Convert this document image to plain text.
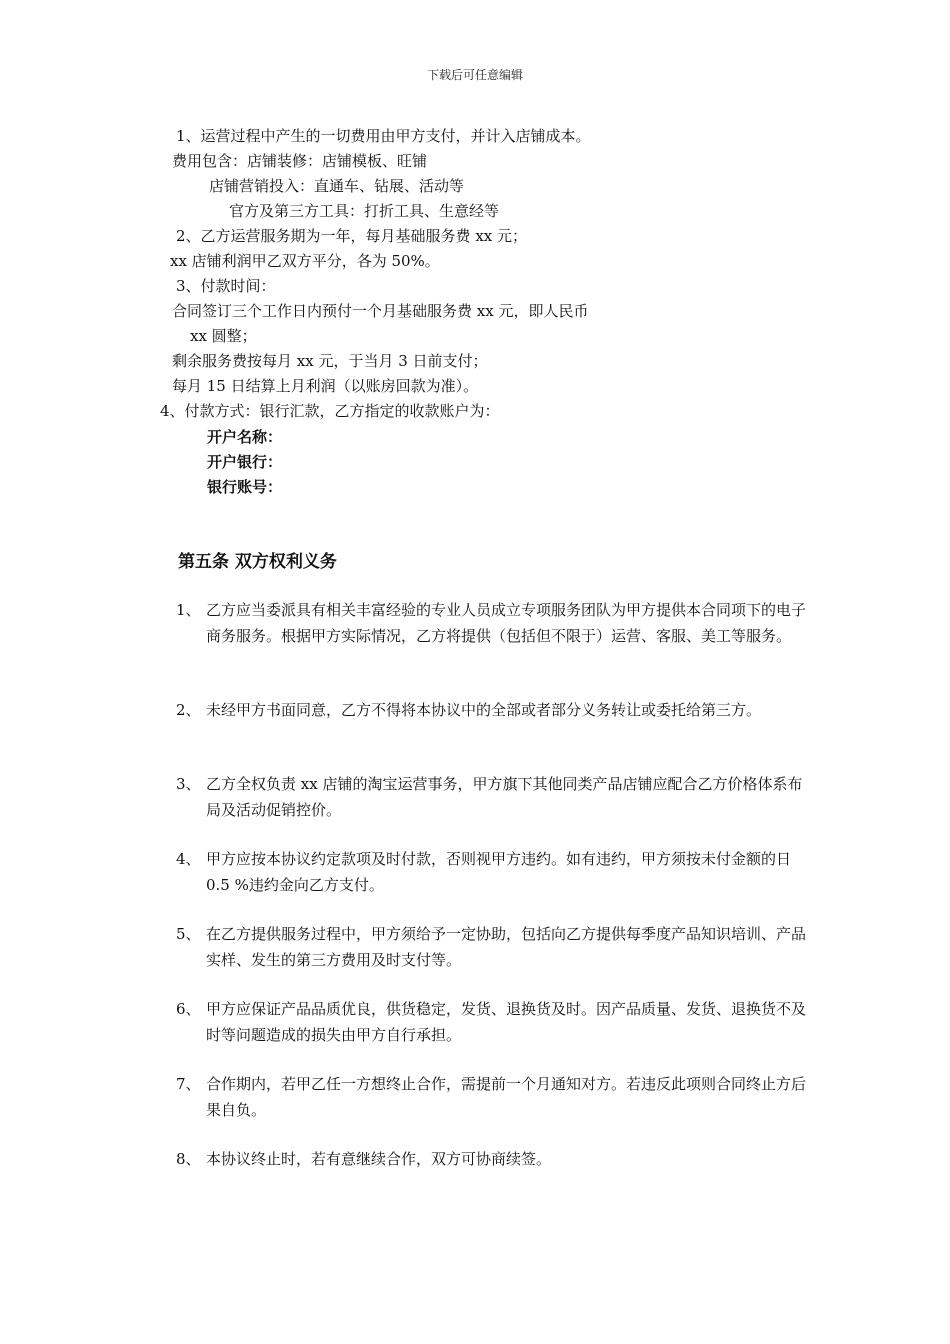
下载后可任意编辑
1、运营过程中产生的一切费用由甲方支付，并计入店铺成本。
费用包含：店铺装修：店铺模板、旺铺
店铺营销投入：直通车、钻展、活动等
官方及第三方工具：打折工具、生意经等
2、乙方运营服务期为一年，每月基础服务费 xx 元；
xx 店铺利润甲乙双方平分，各为 50%。
3、付款时间：
合同签订三个工作日内预付一个月基础服务费 xx 元，即人民币
xx 圆整；
剩余服务费按每月 xx 元，于当月 3 日前支付；
每月 15 日结算上月利润（以账房回款为准）。
4、付款方式：银行汇款，乙方指定的收款账户为：
开户名称：
开户银行：
银行账号：
第五条 双方权利义务
1、 乙方应当委派具有相关丰富经验的专业人员成立专项服务团队为甲方提供本合同项下的电子商务服务。根据甲方实际情况，乙方将提供（包括但不限于）运营、客服、美工等服务。
2、 未经甲方书面同意，乙方不得将本协议中的全部或者部分义务转让或委托给第三方。
3、 乙方全权负责 xx 店铺的淘宝运营事务，甲方旗下其他同类产品店铺应配合乙方价格体系布局及活动促销控价。
4、 甲方应按本协议约定款项及时付款，否则视甲方违约。如有违约，甲方须按未付金额的日 0.5 %违约金向乙方支付。
5、 在乙方提供服务过程中，甲方须给予一定协助，包括向乙方提供每季度产品知识培训、产品实样、发生的第三方费用及时支付等。
6、 甲方应保证产品品质优良，供货稳定，发货、退换货及时。因产品质量、发货、退换货不及时等问题造成的损失由甲方自行承担。
7、 合作期内，若甲乙任一方想终止合作，需提前一个月通知对方。若违反此项则合同终止方后果自负。
8、 本协议终止时，若有意继续合作，双方可协商续签。
